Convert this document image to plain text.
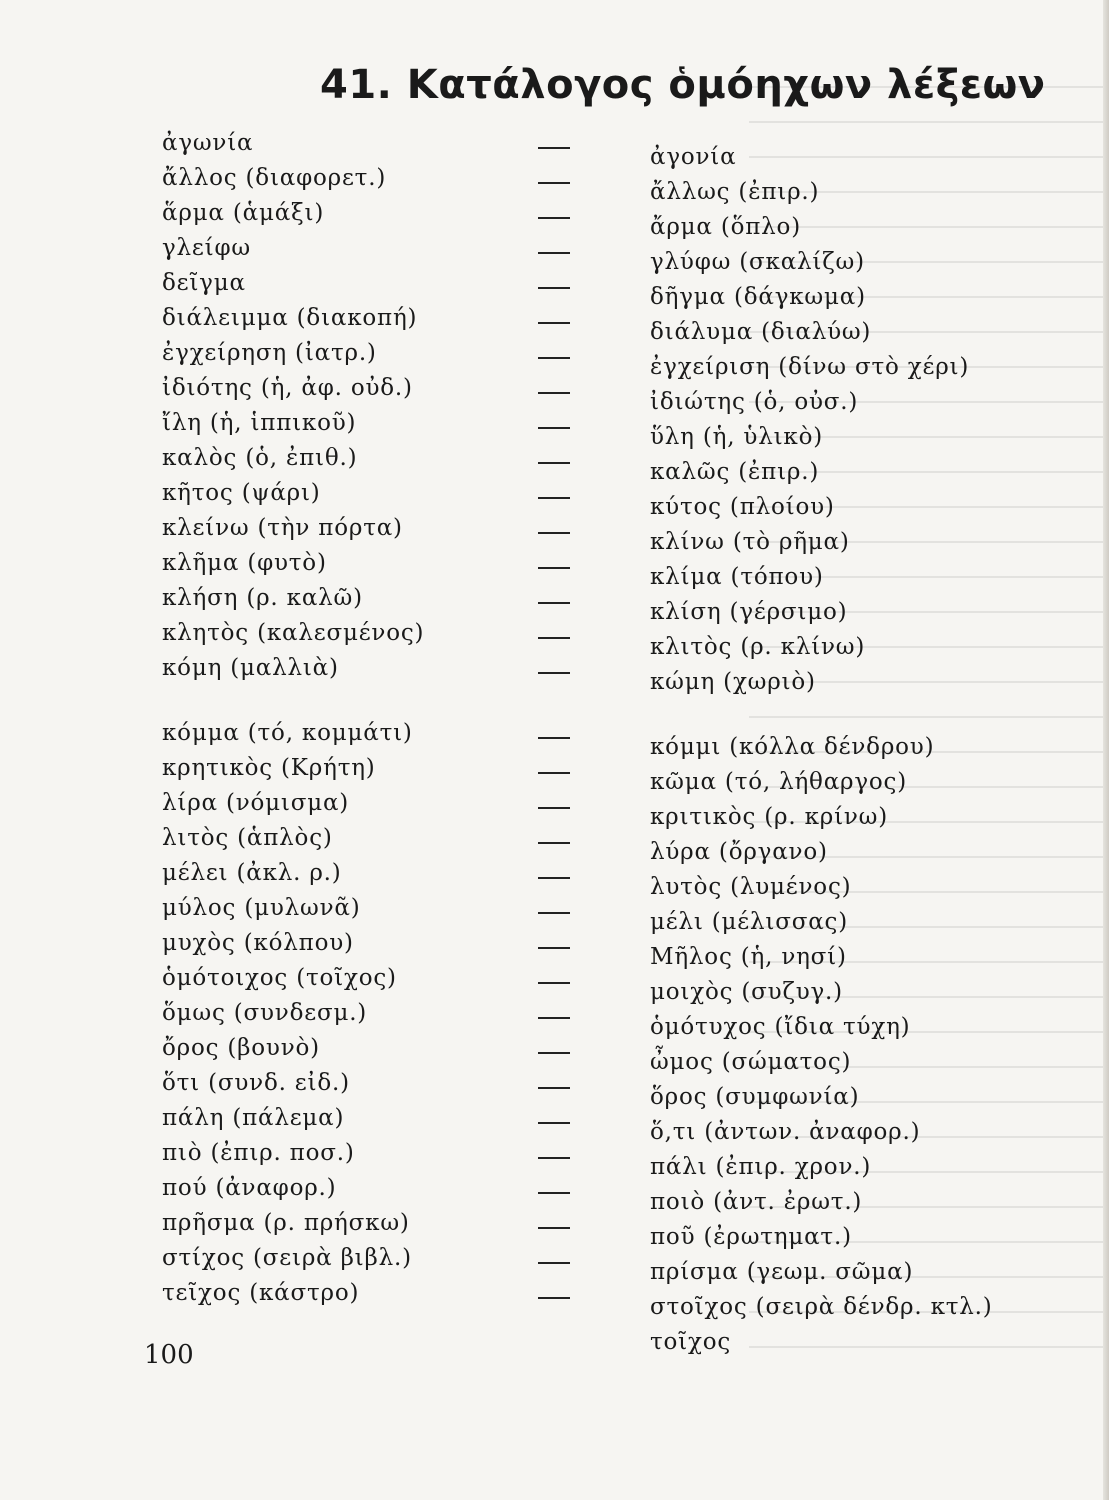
41. Κατάλογος ὁμόηχων λέξεων
ἀγωνία
ἀγονία
ἄλλος (διαφορετ.)
ἄλλως (ἐπιρ.)
ἅρμα (ἁμάξι)
ἄρμα (ὅπλο)
γλείφω
γλύφω (σκαλίζω)
δεῖγμα
δῆγμα (δάγκωμα)
διάλειμμα (διακοπή)
διάλυμα (διαλύω)
ἐγχείρηση (ἰατρ.)
ἐγχείριση (δίνω στὸ χέρι)
ἰδιότης (ἡ, ἀφ. οὐδ.)
ἰδιώτης (ὁ, οὐσ.)
ἴλη (ἡ, ἱππικοῦ)
ὕλη (ἡ, ὑλικὸ)
καλὸς (ὁ, ἐπιθ.)
καλῶς (ἐπιρ.)
κῆτος (ψάρι)
κύτος (πλοίου)
κλείνω (τὴν πόρτα)
κλίνω (τὸ ρῆμα)
κλῆμα (φυτὸ)
κλίμα (τόπου)
κλήση (ρ. καλῶ)
κλίση (γέρσιμο)
κλητὸς (καλεσμένος)
κλιτὸς (ρ. κλίνω)
κόμη (μαλλιὰ)
κώμη (χωριὸ)
κόμμα (τό, κομμάτι)
κόμμι (κόλλα δένδρου)
κρητικὸς (Κρήτη)
κῶμα (τό, λήθαργος)
λίρα (νόμισμα)
κριτικὸς (ρ. κρίνω)
λιτὸς (ἁπλὸς)
λύρα (ὄργανο)
μέλει (ἀκλ. ρ.)
λυτὸς (λυμένος)
μύλος (μυλωνᾶ)
μέλι (μέλισσας)
μυχὸς (κόλπου)
Μῆλος (ἡ, νησί)
ὁμότοιχος (τοῖχος)
μοιχὸς (συζυγ.)
ὅμως (συνδεσμ.)
ὁμότυχος (ἴδια τύχη)
ὄρος (βουνὸ)
ὦμος (σώματος)
ὅτι (συνδ. εἰδ.)
ὅρος (συμφωνία)
πάλη (πάλεμα)
ὅ,τι (ἀντων. ἀναφορ.)
πιὸ (ἐπιρ. ποσ.)
πάλι (ἐπιρ. χρον.)
πού (ἀναφορ.)
ποιὸ (ἀντ. ἐρωτ.)
πρῆσμα (ρ. πρήσκω)
ποῦ (ἐρωτηματ.)
στίχος (σειρὰ βιβλ.)
πρίσμα (γεωμ. σῶμα)
τεῖχος (κάστρο)
στοῖχος (σειρὰ δένδρ. κτλ.)
τοῖχος
100
